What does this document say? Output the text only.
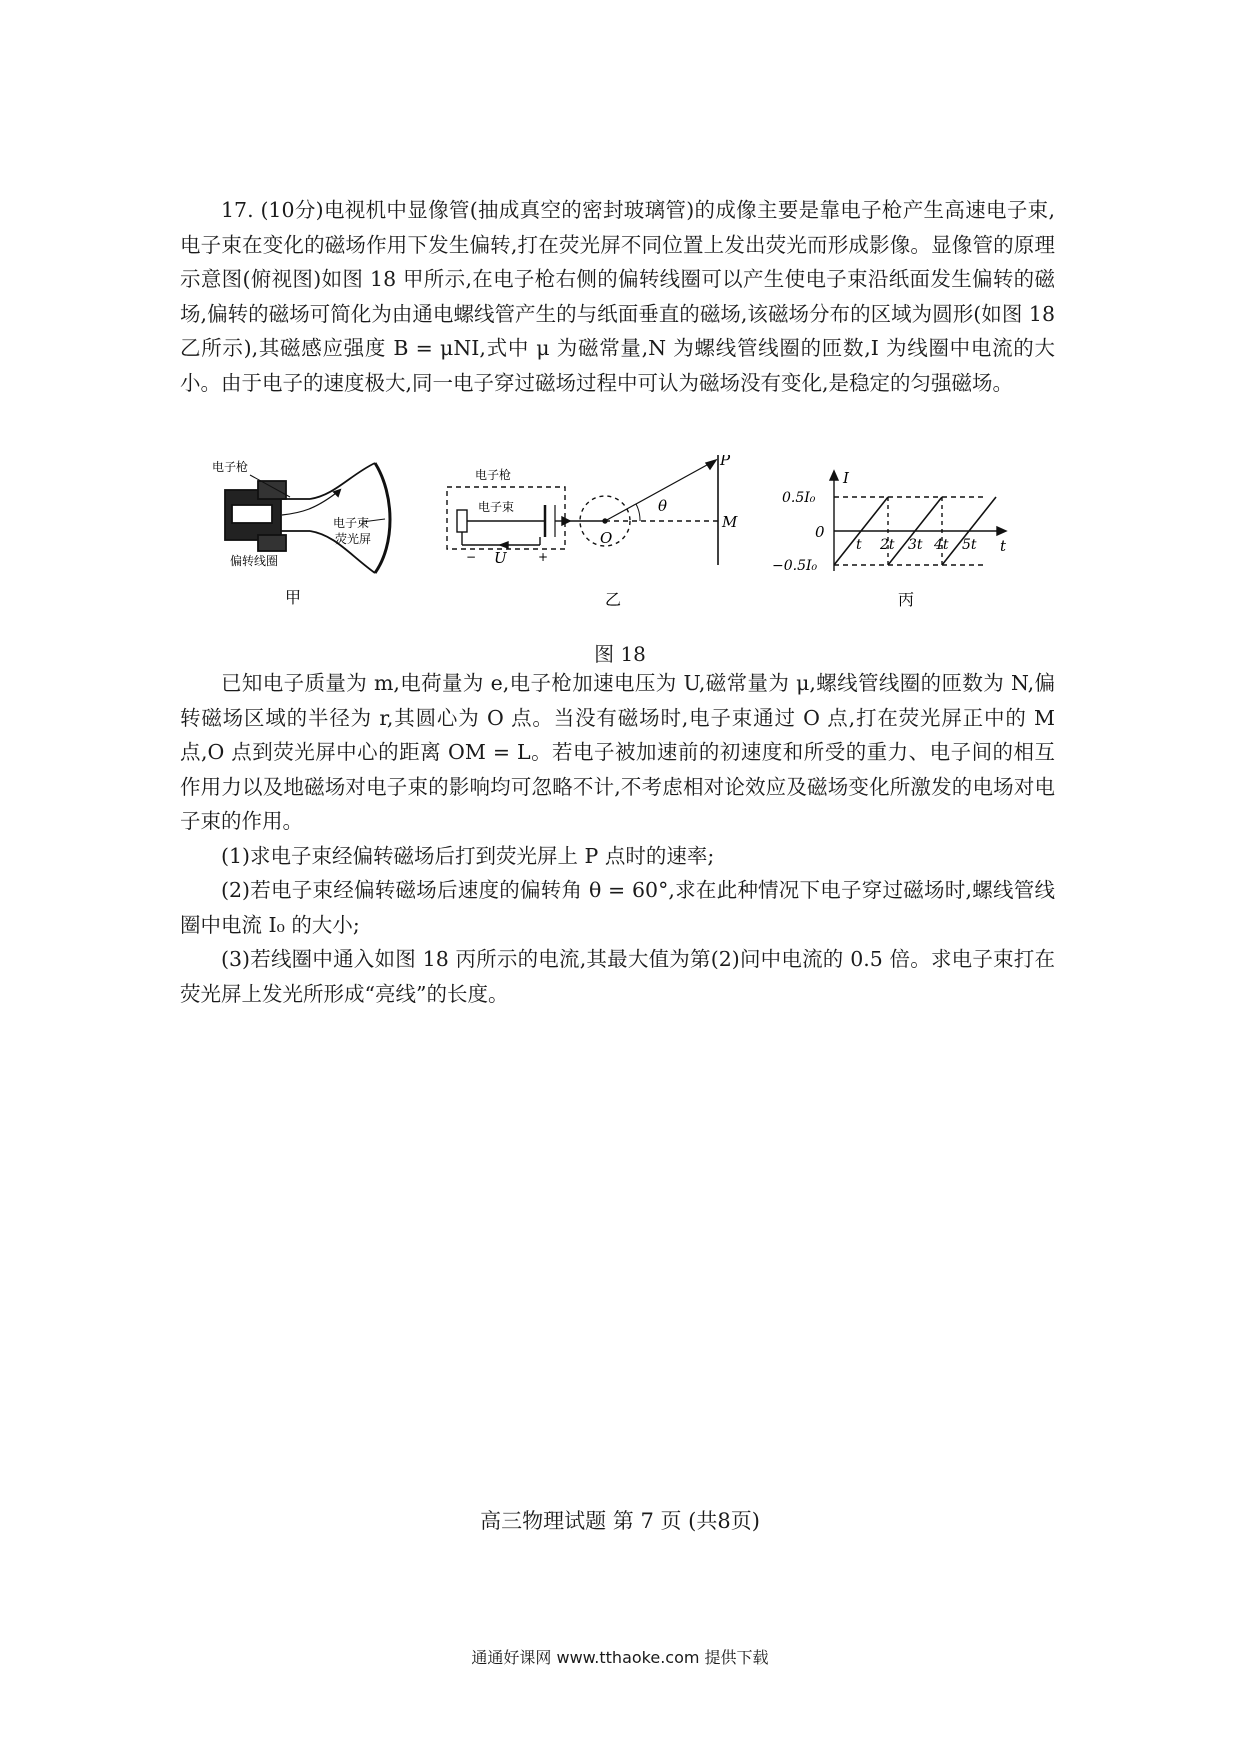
17. (10分)电视机中显像管(抽成真空的密封玻璃管)的成像主要是靠电子枪产生高速电子束,电子束在变化的磁场作用下发生偏转,打在荧光屏不同位置上发出荧光而形成影像。显像管的原理示意图(俯视图)如图 18 甲所示,在电子枪右侧的偏转线圈可以产生使电子束沿纸面发生偏转的磁场,偏转的磁场可简化为由通电螺线管产生的与纸面垂直的磁场,该磁场分布的区域为圆形(如图 18 乙所示),其磁感应强度 B = μNI,式中 μ 为磁常量,N 为螺线管线圈的匝数,I 为线圈中电流的大小。由于电子的速度极大,同一电子穿过磁场过程中可认为磁场没有变化,是稳定的匀强磁场。

电子枪
电子束
荧光屏
偏转线圈
甲
电子枪
电子束
− U	+
O
P
M
θ
乙
I
t
0
0.5I₀
−0.5I₀
t 2t 3t 4t 5t
丙
图 18

已知电子质量为 m,电荷量为 e,电子枪加速电压为 U,磁常量为 μ,螺线管线圈的匝数为 N,偏转磁场区域的半径为 r,其圆心为 O 点。当没有磁场时,电子束通过 O 点,打在荧光屏正中的 M 点,O 点到荧光屏中心的距离 OM = L。若电子被加速前的初速度和所受的重力、电子间的相互作用力以及地磁场对电子束的影响均可忽略不计,不考虑相对论效应及磁场变化所激发的电场对电子束的作用。

(1)求电子束经偏转磁场后打到荧光屏上 P 点时的速率;

(2)若电子束经偏转磁场后速度的偏转角 θ = 60°,求在此种情况下电子穿过磁场时,螺线管线圈中电流 I₀ 的大小;

(3)若线圈中通入如图 18 丙所示的电流,其最大值为第(2)问中电流的 0.5 倍。求电子束打在荧光屏上发光所形成“亮线”的长度。

高三物理试题 第 7 页 (共8页)
通通好课网 www.tthaoke.com 提供下载
